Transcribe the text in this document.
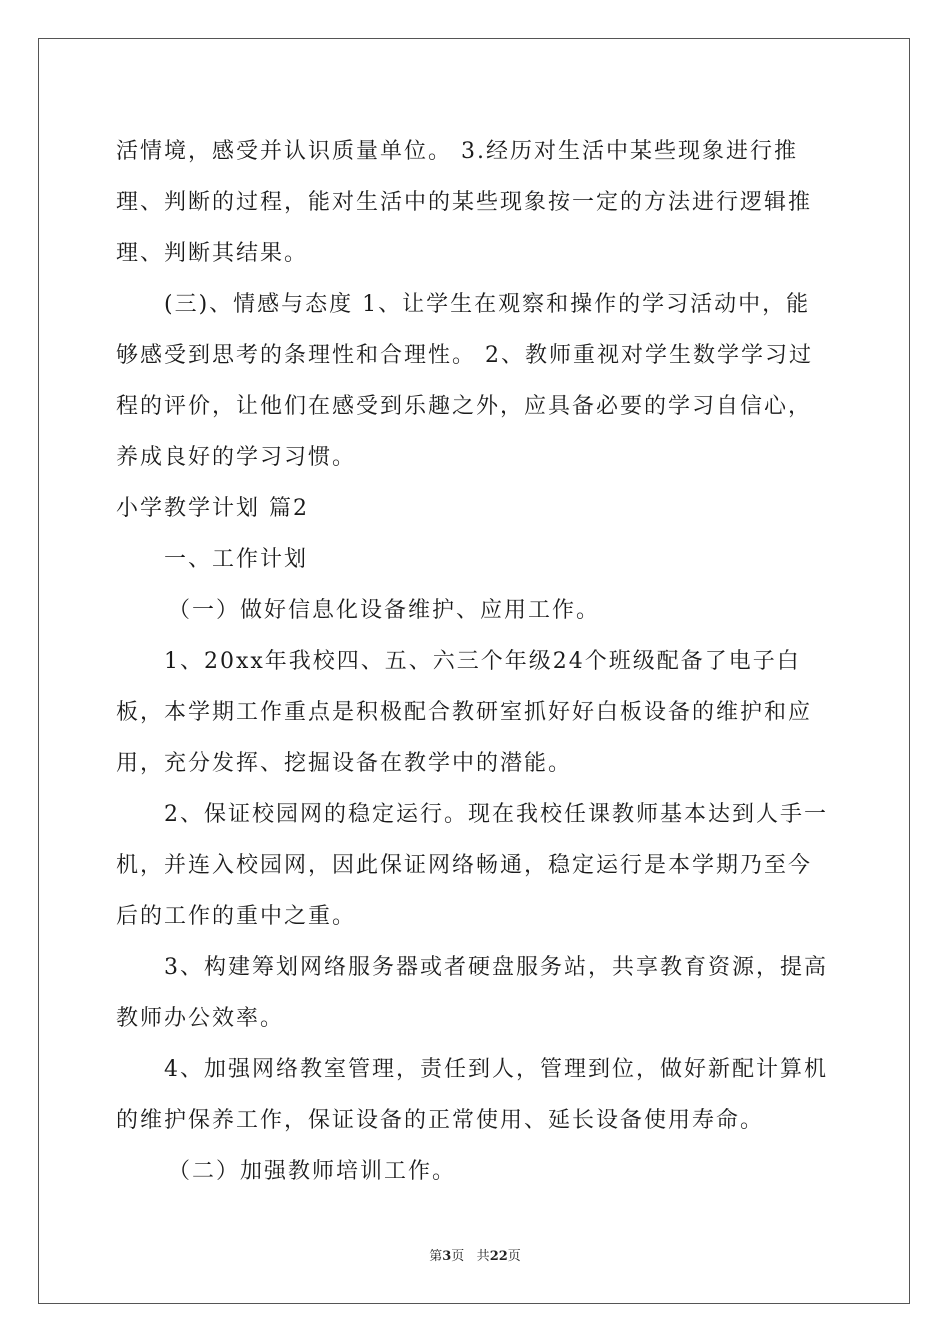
活情境，感受并认识质量单位。 3.经历对生活中某些现象进行推理、判断的过程，能对生活中的某些现象按一定的方法进行逻辑推理、判断其结果。

(三)、情感与态度 1、让学生在观察和操作的学习活动中，能够感受到思考的条理性和合理性。 2、教师重视对学生数学学习过程的评价，让他们在感受到乐趣之外，应具备必要的学习自信心，养成良好的学习习惯。

小学教学计划 篇2

一、工作计划

（一）做好信息化设备维护、应用工作。

1、20xx年我校四、五、六三个年级24个班级配备了电子白板，本学期工作重点是积极配合教研室抓好好白板设备的维护和应用，充分发挥、挖掘设备在教学中的潜能。

2、保证校园网的稳定运行。现在我校任课教师基本达到人手一机，并连入校园网，因此保证网络畅通，稳定运行是本学期乃至今后的工作的重中之重。

3、构建筹划网络服务器或者硬盘服务站，共享教育资源，提高教师办公效率。

4、加强网络教室管理，责任到人，管理到位，做好新配计算机的维护保养工作，保证设备的正常使用、延长设备使用寿命。

（二）加强教师培训工作。

第3页 共22页
